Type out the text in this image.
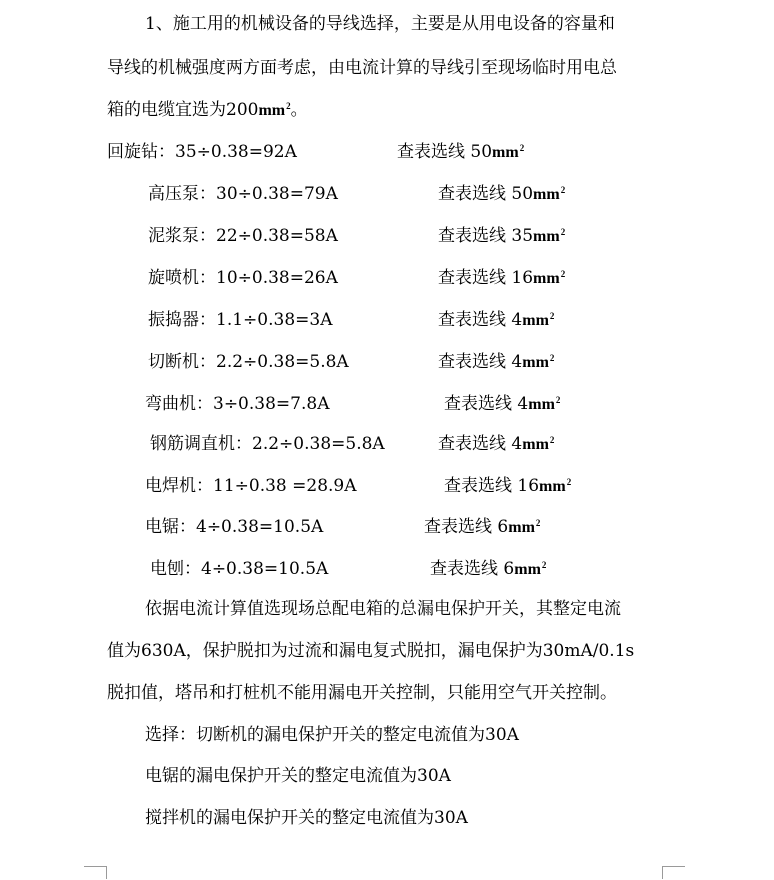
1、施工用的机械设备的导线选择，主要是从用电设备的容量和
导线的机械强度两方面考虑，由电流计算的导线引至现场临时用电总
箱的电缆宜选为$200mm^2$。
回旋钻：35÷0.38=92A	查表选线 $50mm^2$
高压泵：30÷0.38=79A	查表选线 $50mm^2$
泥浆泵：22÷0.38=58A	查表选线 $35mm^2$
旋喷机：10÷0.38=26A	查表选线 $16mm^2$
振捣器：1.1÷0.38=3A	查表选线 $4mm^2$
切断机：2.2÷0.38=5.8A	查表选线 $4mm^2$
弯曲机：3÷0.38=7.8A	查表选线 $4mm^2$
钢筋调直机：2.2÷0.38=5.8A	查表选线 $4mm^2$
电焊机：11÷0.38 =28.9A	查表选线 $16mm^2$
电锯：4÷0.38=10.5A	查表选线 $6mm^2$
电刨：4÷0.38=10.5A	查表选线 $6mm^2$
依据电流计算值选现场总配电箱的总漏电保护开关，其整定电流
值为630A，保护脱扣为过流和漏电复式脱扣，漏电保护为30mA/0.1s
脱扣值，塔吊和打桩机不能用漏电开关控制，只能用空气开关控制。
选择：切断机的漏电保护开关的整定电流值为30A
电锯的漏电保护开关的整定电流值为30A
搅拌机的漏电保护开关的整定电流值为30A
